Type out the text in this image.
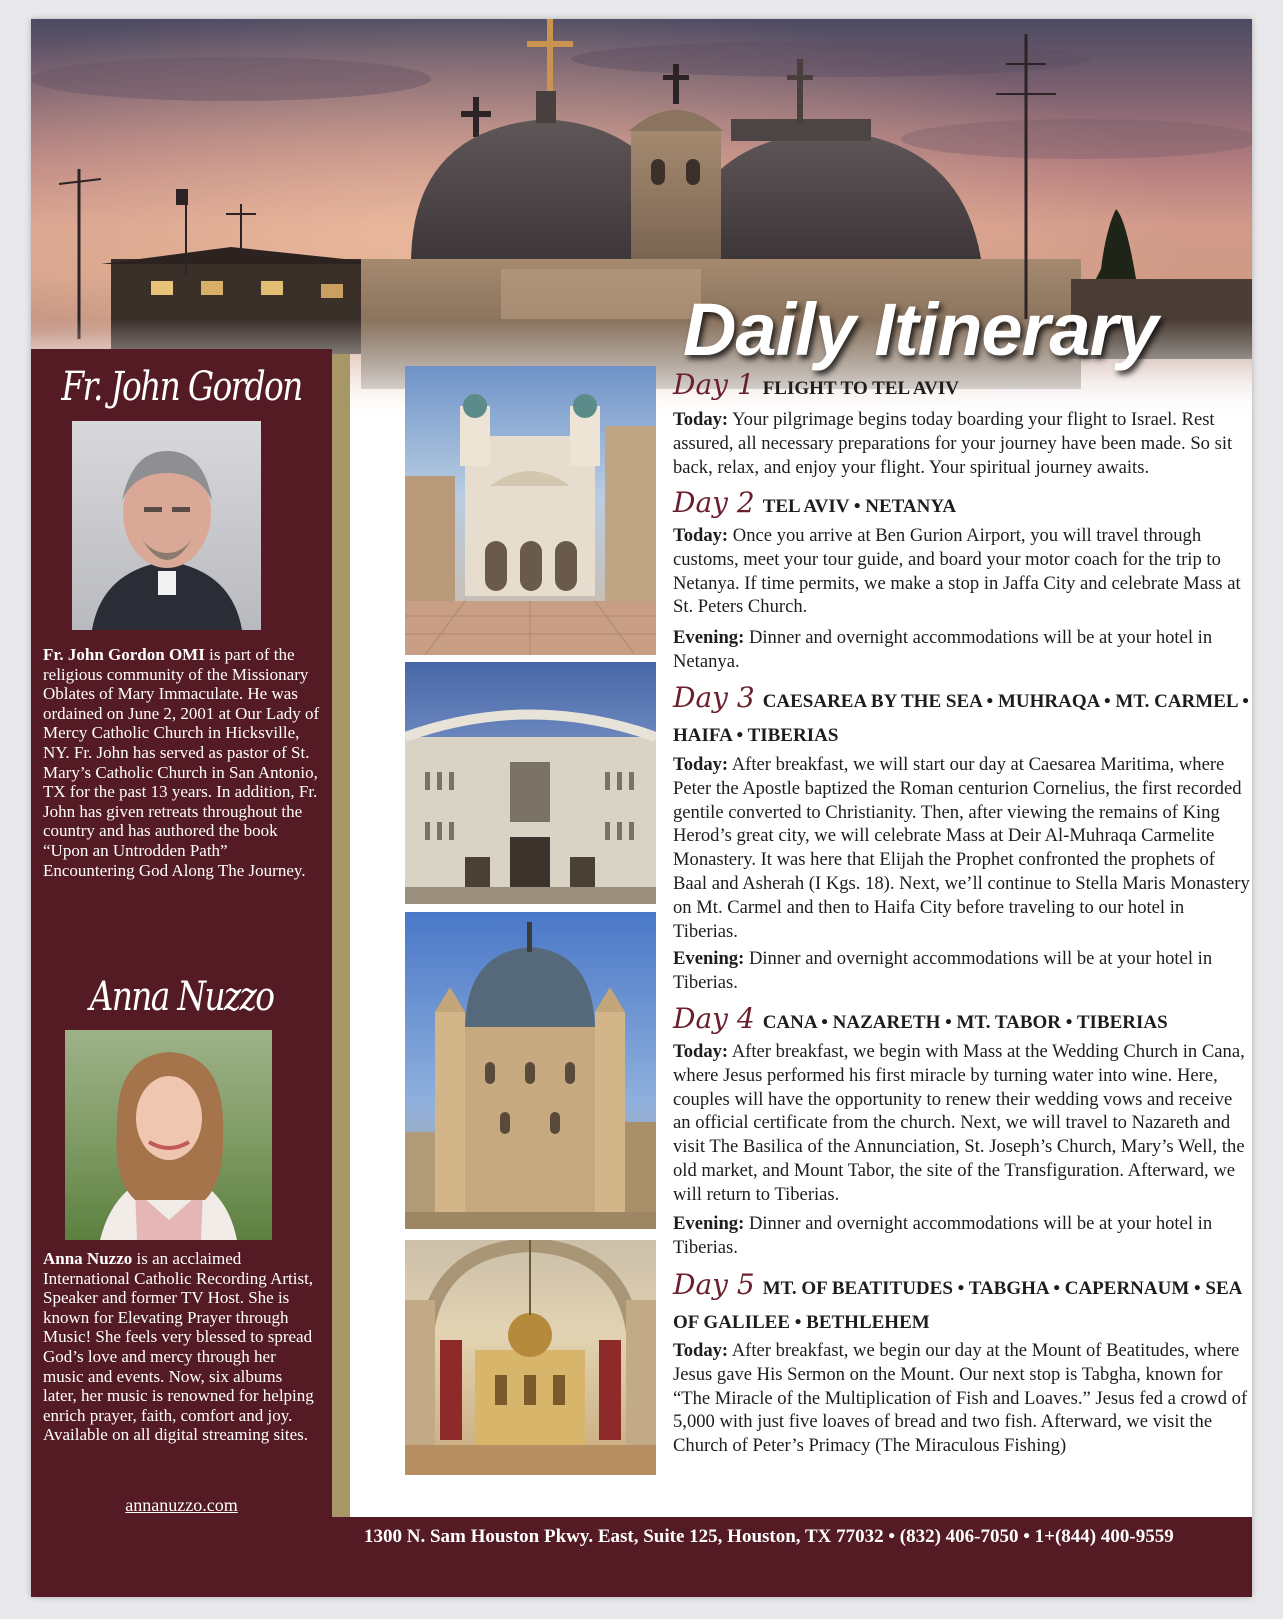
Daily Itinerary
Fr. John Gordon
Fr. John Gordon OMI is part of the religious community of the Missionary Oblates of Mary Immaculate. He was ordained on June 2, 2001 at Our Lady of Mercy Catholic Church in Hicksville, NY. Fr. John has served as pastor of St. Mary’s Catholic Church in San Antonio, TX for the past 13 years. In addition, Fr. John has given retreats throughout the country and has authored the book “Upon an Untrodden Path” Encountering God Along The Journey.
Anna Nuzzo
Anna Nuzzo is an acclaimed International Catholic Recording Artist, Speaker and former TV Host. She is known for Elevating Prayer through Music! She feels very blessed to spread God’s love and mercy through her music and events. Now, six albums later, her music is renowned for helping enrich prayer, faith, comfort and joy. Available on all digital streaming sites.
annanuzzo.com
Day 1 FLIGHT TO TEL AVIV
Today: Your pilgrimage begins today boarding your flight to Israel. Rest assured, all necessary preparations for your journey have been made. So sit back, relax, and enjoy your flight. Your spiritual journey awaits.
Day 2 TEL AVIV • NETANYA
Today: Once you arrive at Ben Gurion Airport, you will travel through customs, meet your tour guide, and board your motor coach for the trip to Netanya. If time permits, we make a stop in Jaffa City and celebrate Mass at St. Peters Church.
Evening: Dinner and overnight accommodations will be at your hotel in Netanya.
Day 3 CAESAREA BY THE SEA • MUHRAQA • MT. CARMEL • HAIFA • TIBERIAS
Today: After breakfast, we will start our day at Caesarea Maritima, where Peter the Apostle baptized the Roman centurion Cornelius, the first recorded gentile converted to Christianity. Then, after viewing the remains of King Herod’s great city, we will celebrate Mass at Deir Al-Muhraqa Carmelite Monastery. It was here that Elijah the Prophet confronted the prophets of Baal and Asherah (I Kgs. 18). Next, we’ll continue to Stella Maris Monastery on Mt. Carmel and then to Haifa City before traveling to our hotel in Tiberias.
Evening: Dinner and overnight accommodations will be at your hotel in Tiberias.
Day 4 CANA • NAZARETH • MT. TABOR • TIBERIAS
Today: After breakfast, we begin with Mass at the Wedding Church in Cana, where Jesus performed his first miracle by turning water into wine. Here, couples will have the opportunity to renew their wedding vows and receive an official certificate from the church. Next, we will travel to Nazareth and visit The Basilica of the Annunciation, St. Joseph’s Church, Mary’s Well, the old market, and Mount Tabor, the site of the Transfiguration. Afterward, we will return to Tiberias.
Evening: Dinner and overnight accommodations will be at your hotel in Tiberias.
Day 5 MT. OF BEATITUDES • TABGHA • CAPERNAUM • SEA OF GALILEE • BETHLEHEM
Today: After breakfast, we begin our day at the Mount of Beatitudes, where Jesus gave His Sermon on the Mount. Our next stop is Tabgha, known for “The Miracle of the Multiplication of Fish and Loaves.” Jesus fed a crowd of 5,000 with just five loaves of bread and two fish. Afterward, we visit the Church of Peter’s Primacy (The Miraculous Fishing)
1300 N. Sam Houston Pkwy. East, Suite 125, Houston, TX 77032 • (832) 406-7050 • 1+(844) 400-9559
